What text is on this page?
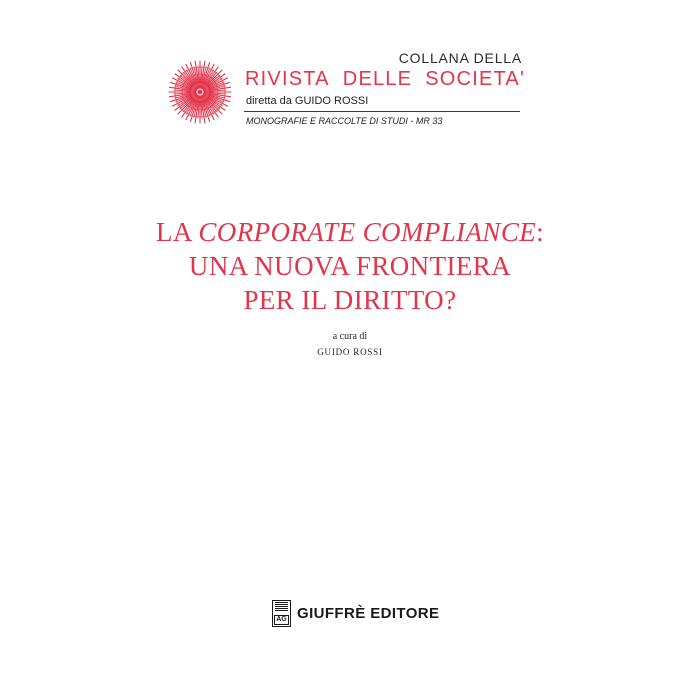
COLLANA DELLA
RIVISTA DELLE SOCIETA'
diretta da GUIDO ROSSI
MONOGRAFIE E RACCOLTE DI STUDI - MR 33
LA CORPORATE COMPLIANCE:
UNA NUOVA FRONTIERA
PER IL DIRITTO?
a cura di
GUIDO ROSSI
AG GIUFFRÈ EDITORE
